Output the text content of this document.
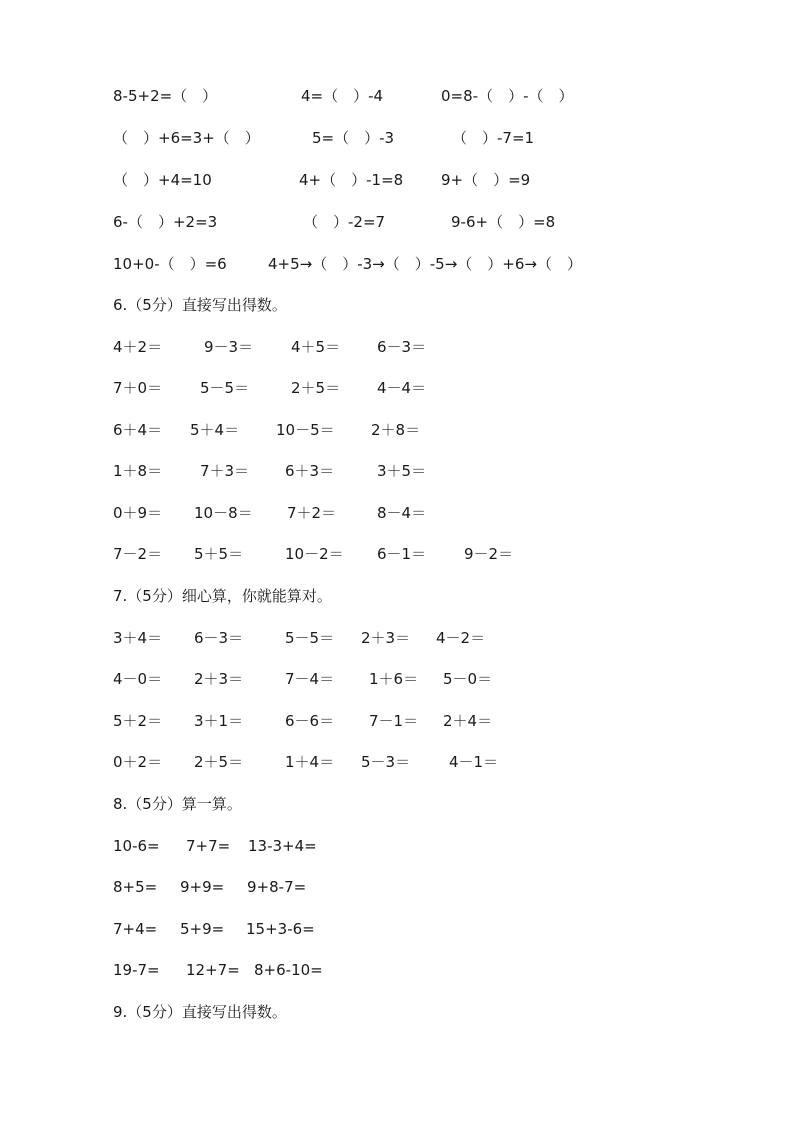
8-5+2=（　）	4=（　）-4	0=8-（　）-（　）
（　）+6=3+（　）	5=（　）-3	（　）-7=1
（　）+4=10	4+（　）-1=8	9+（　）=9
6-（　）+2=3	（　）-2=7	9-6+（　）=8
10+0-（　）=6	4+5→（　）-3→（　）-5→（　）+6→（　）
6.（5分）直接写出得数。
4＋2＝	9－3＝	4＋5＝ 6－3＝
7＋0＝	5－5＝	2＋5＝ 4－4＝
6＋4＝ 5＋4＝ 10－5＝ 2＋8＝
1＋8＝	7＋3＝ 6＋3＝	3＋5＝
0＋9＝ 10－8＝ 7＋2＝	8－4＝
7－2＝ 5＋5＝	10－2＝ 6－1＝	9－2＝
7.（5分）细心算，你就能算对。
3＋4＝ 6－3＝	5－5＝ 2＋3＝ 4－2＝
4－0＝ 2＋3＝	7－4＝ 1＋6＝ 5－0＝
5＋2＝ 3＋1＝	6－6＝ 7－1＝ 2＋4＝
0＋2＝ 2＋5＝	1＋4＝ 5－3＝	4－1＝
8.（5分）算一算。
10-6= 7+7= 13-3+4=
8+5= 9+9= 9+8-7=
7+4= 5+9= 15+3-6=
19-7= 12+7= 8+6-10=
9.（5分）直接写出得数。
